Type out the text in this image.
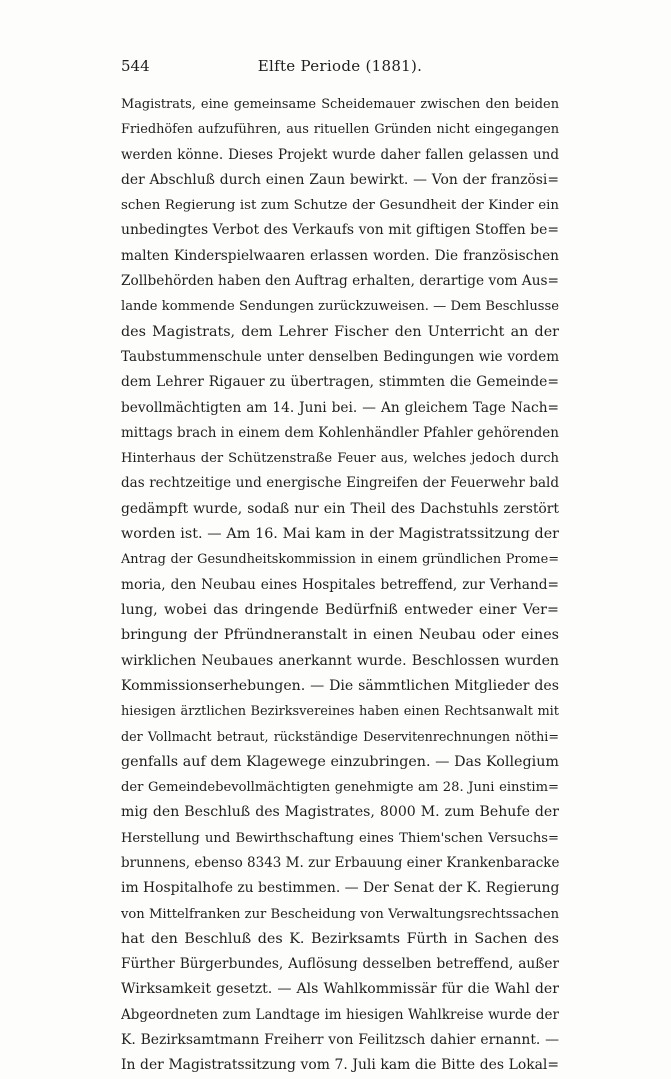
544	Elfte Periode (1881).
Magistrats, eine gemeinsame Scheidemauer zwischen den beiden
Friedhöfen aufzuführen, aus rituellen Gründen nicht eingegangen
werden könne. Dieses Projekt wurde daher fallen gelassen und
der Abschluß durch einen Zaun bewirkt. — Von der französi=
schen Regierung ist zum Schutze der Gesundheit der Kinder ein
unbedingtes Verbot des Verkaufs von mit giftigen Stoffen be=
malten Kinderspielwaaren erlassen worden. Die französischen
Zollbehörden haben den Auftrag erhalten, derartige vom Aus=
lande kommende Sendungen zurückzuweisen. — Dem Beschlusse
des Magistrats, dem Lehrer Fischer den Unterricht an der
Taubstummenschule unter denselben Bedingungen wie vordem
dem Lehrer Rigauer zu übertragen, stimmten die Gemeinde=
bevollmächtigten am 14. Juni bei. — An gleichem Tage Nach=
mittags brach in einem dem Kohlenhändler Pfahler gehörenden
Hinterhaus der Schützenstraße Feuer aus, welches jedoch durch
das rechtzeitige und energische Eingreifen der Feuerwehr bald
gedämpft wurde, sodaß nur ein Theil des Dachstuhls zerstört
worden ist. — Am 16. Mai kam in der Magistratssitzung der
Antrag der Gesundheitskommission in einem gründlichen Prome=
moria, den Neubau eines Hospitales betreffend, zur Verhand=
lung, wobei das dringende Bedürfniß entweder einer Ver=
bringung der Pfründneranstalt in einen Neubau oder eines
wirklichen Neubaues anerkannt wurde. Beschlossen wurden
Kommissionserhebungen. — Die sämmtlichen Mitglieder des
hiesigen ärztlichen Bezirksvereines haben einen Rechtsanwalt mit
der Vollmacht betraut, rückständige Deservitenrechnungen nöthi=
genfalls auf dem Klagewege einzubringen. — Das Kollegium
der Gemeindebevollmächtigten genehmigte am 28. Juni einstim=
mig den Beschluß des Magistrates, 8000 M. zum Behufe der
Herstellung und Bewirthschaftung eines Thiem'schen Versuchs=
brunnens, ebenso 8343 M. zur Erbauung einer Krankenbaracke
im Hospitalhofe zu bestimmen. — Der Senat der K. Regierung
von Mittelfranken zur Bescheidung von Verwaltungsrechtssachen
hat den Beschluß des K. Bezirksamts Fürth in Sachen des
Fürther Bürgerbundes, Auflösung desselben betreffend, außer
Wirksamkeit gesetzt. — Als Wahlkommissär für die Wahl der
Abgeordneten zum Landtage im hiesigen Wahlkreise wurde der
K. Bezirksamtmann Freiherr von Feilitzsch dahier ernannt. —
In der Magistratssitzung vom 7. Juli kam die Bitte des Lokal=
